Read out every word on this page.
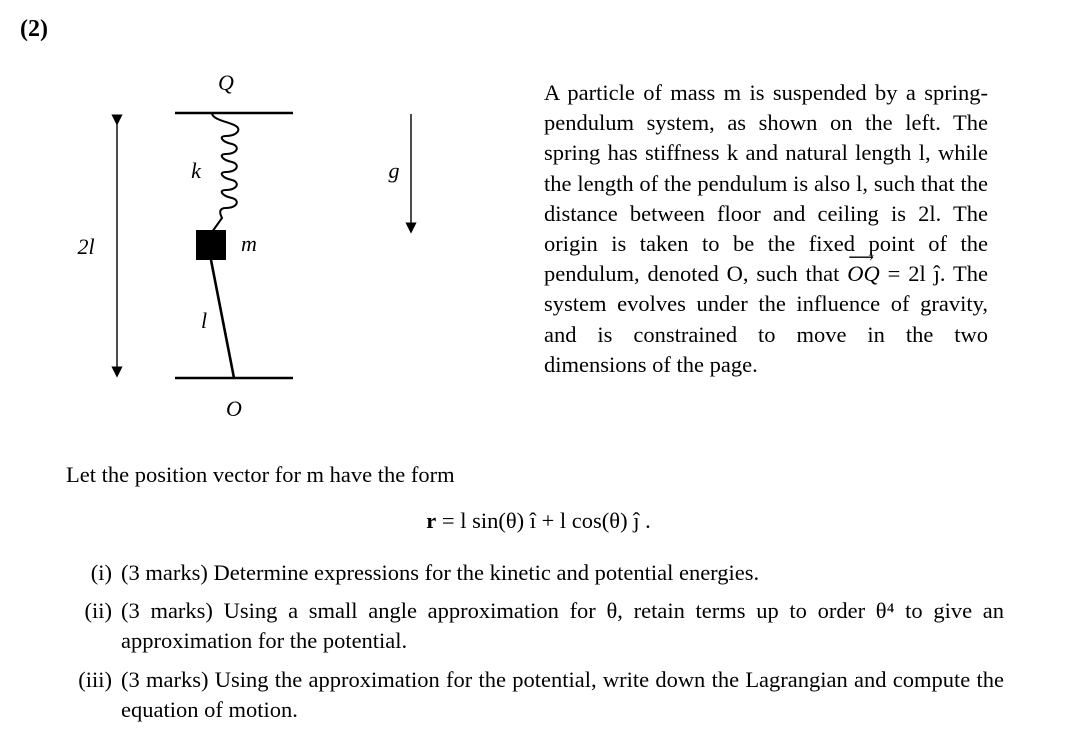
(2)
Q
O
2l
k
m
l
g
A particle of mass m is suspended by a spring-pendulum system, as shown on the left. The spring has stiffness k and natural length l, while the length of the pendulum is also l, such that the distance between floor and ceiling is 2l. The origin is taken to be the fixed point of the pendulum, denoted O, such that ⟶ OQ = 2l ĵ. The system evolves under the influence of gravity, and is constrained to move in the two dimensions of the page.
Let the position vector for m have the form
r = l sin(θ) î + l cos(θ) ĵ .
(i) (3 marks) Determine expressions for the kinetic and potential energies.
(ii) (3 marks) Using a small angle approximation for θ, retain terms up to order θ⁴ to give an approximation for the potential.
(iii) (3 marks) Using the approximation for the potential, write down the Lagrangian and compute the equation of motion.
